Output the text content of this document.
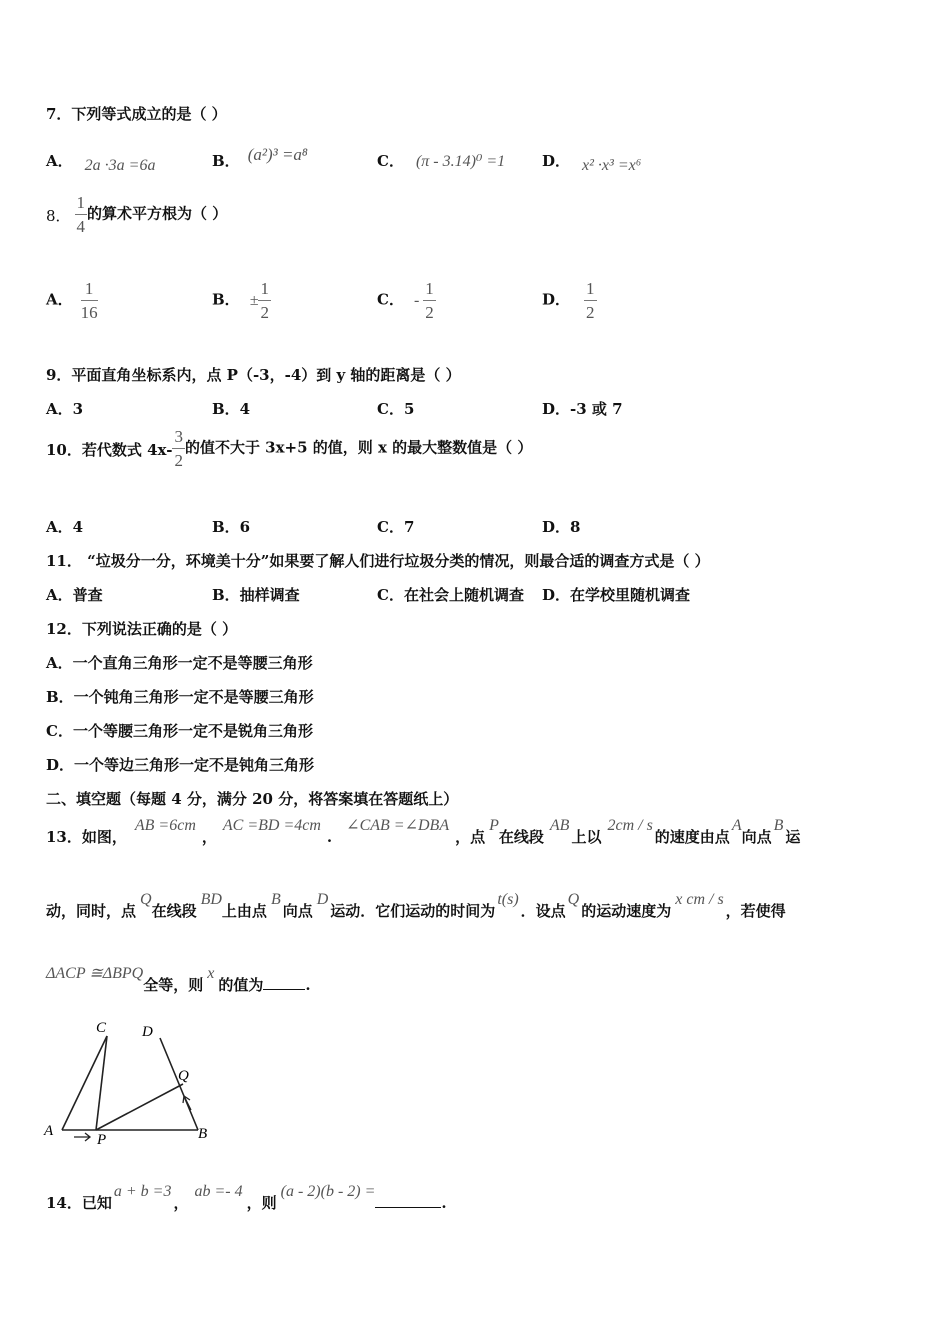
7．下列等式成立的是（ ）
A． 2a ·3a =6a	B． (a²)³ =a⁸	C． (π - 3.14)⁰ =1 D． x² ·x³ =x⁶
8． $\frac{1}{4}$ 的算术平方根为（ ）
A． $\frac{1}{16}$	B． ± $\frac{1}{2}$	C． - $\frac{1}{2}$	D． $\frac{1}{2}$
9．平面直角坐标系内，点 P（-3，-4）到 y 轴的距离是（ ）
A．3	B．4	C．5	D．-3 或 7
10．若代数式 $4x- \frac{3}{2}$ 的值不大于 3x+5 的值，则 x 的最大整数值是（ ）
A．4	B．6	C．7	D．8
11． “垃圾分一分，环境美十分”如果要了解人们进行垃圾分类的情况，则最合适的调查方式是（ ）
A．普查	B．抽样调查	C．在社会上随机调查 D．在学校里随机调查
12．下列说法正确的是（ ）
A．一个直角三角形一定不是等腰三角形
B．一个钝角三角形一定不是等腰三角形
C．一个等腰三角形一定不是锐角三角形
D．一个等边三角形一定不是钝角三角形
二、填空题（每题 4 分，满分 20 分，将答案填在答题纸上）
13．如图，AB =6cm，AC =BD =4cm.∠CAB =∠DBA，点P在线段AB上以2cm / s的速度由点A向点B运
动，同时，点Q在线段BD上由点B向点D运动．它们运动的时间为t(s)．设点Q的运动速度为x cm / s，若使得
ΔACP ≅ΔBPQ全等，则x的值为	.
A
C D
Q
P	B
14．已知a + b =3，ab =- 4，则(a - 2)(b - 2) =.
